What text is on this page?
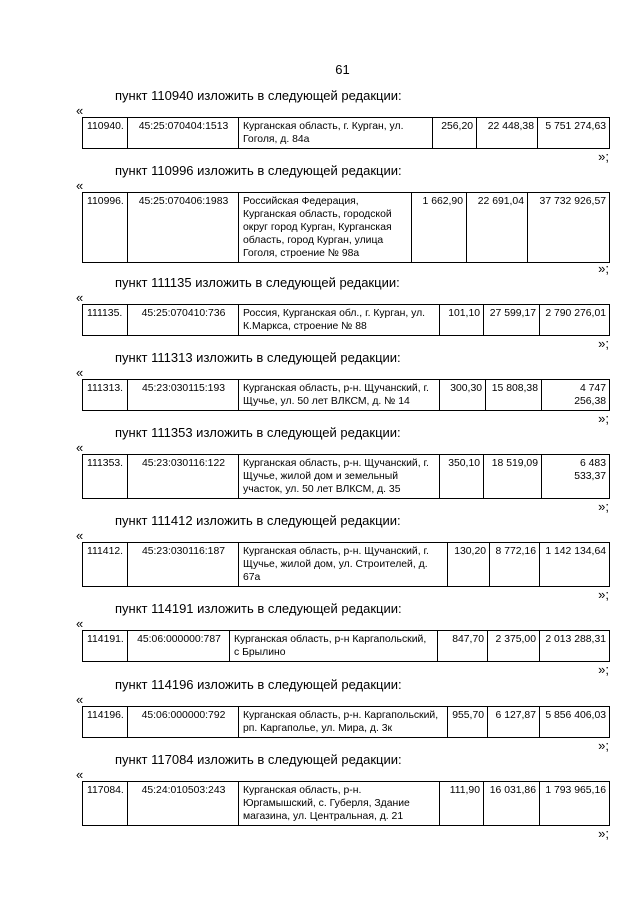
61
пункт 110940 изложить в следующей редакции:
«
110940.	45:25:070404:1513	Курганская область, г. Курган, ул. Гоголя, д. 84а	256,20	22 448,38	5 751 274,63
»;
пункт 110996 изложить в следующей редакции:
«
110996.	45:25:070406:1983	Российская Федерация, Курганская область, городской округ город Курган, Курганская область, город Курган, улица Гоголя, строение № 98а	1 662,90	22 691,04	37 732 926,57
»;
пункт 111135 изложить в следующей редакции:
«
111135.	45:25:070410:736	Россия, Курганская обл., г. Курган, ул. К.Маркса, строение № 88	101,10	27 599,17	2 790 276,01
»;
пункт 111313 изложить в следующей редакции:
«
111313.	45:23:030115:193	Курганская область, р-н. Щучанский, г. Щучье, ул. 50 лет ВЛКСМ, д. № 14	300,30	15 808,38	4 747 256,38
»;
пункт 111353 изложить в следующей редакции:
«
111353.	45:23:030116:122	Курганская область, р-н. Щучанский, г. Щучье, жилой дом и земельный участок, ул. 50 лет ВЛКСМ, д. 35	350,10	18 519,09	6 483 533,37
»;
пункт 111412 изложить в следующей редакции:
«
111412.	45:23:030116:187	Курганская область, р-н. Щучанский, г. Щучье, жилой дом, ул. Строителей, д. 67а	130,20	8 772,16	1 142 134,64
»;
пункт 114191 изложить в следующей редакции:
«
114191.	45:06:000000:787	Курганская область, р-н Каргапольский, с Брылино	847,70	2 375,00	2 013 288,31
»;
пункт 114196 изложить в следующей редакции:
«
114196.	45:06:000000:792	Курганская область, р-н. Каргапольский, рп. Каргаполье, ул. Мира, д. 3к	955,70	6 127,87	5 856 406,03
»;
пункт 117084 изложить в следующей редакции:
«
117084.	45:24:010503:243	Курганская область, р-н. Юргамышский, с. Губерля, Здание магазина, ул. Центральная, д. 21	111,90	16 031,86	1 793 965,16
»;
